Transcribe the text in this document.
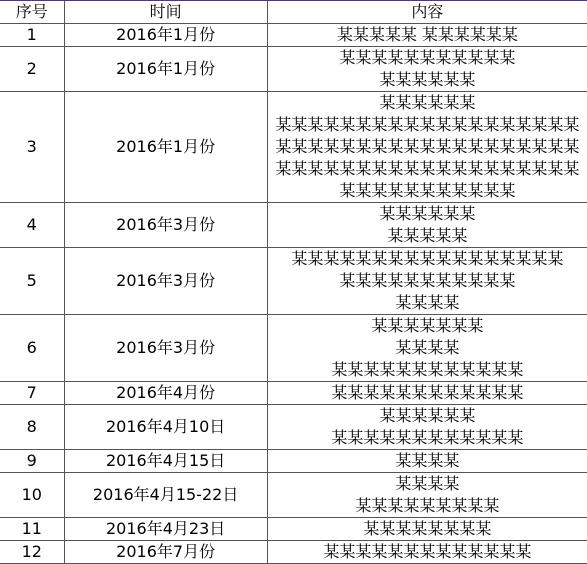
序号	时间	内容
1	2016年1月份	某某某某某 某某某某某某

2	2016年1月份	某某某某某某某某某某某
某某某某某某

3	2016年1月份	某某某某某某
某某某某某某某某某某某某某某某某某某某某某某某某某某某某某某某某某某某某某某某某某某某某某某某某某某某某某某某某某某某某某某某某某某某某

4	2016年3月份	某某某某某某
某某某某某

5	2016年3月份	某某某某某某某某某某某某某某某某某
某某某某某某某某某某某
某某某某

6	2016年3月份	某某某某某某某
某某某某
某某某某某某某某某某某某

7	2016年4月份	某某某某某某某某某某某某

8	2016年4月10日	某某某某某某
某某某某某某某某某某某某

9	2016年4月15日	某某某某

10	2016年4月15-22日	某某某某
某某某某某某某某某

11	2016年4月23日	某某某某某某某某

12	2016年7月份	某某某某某某某某某某某某某
